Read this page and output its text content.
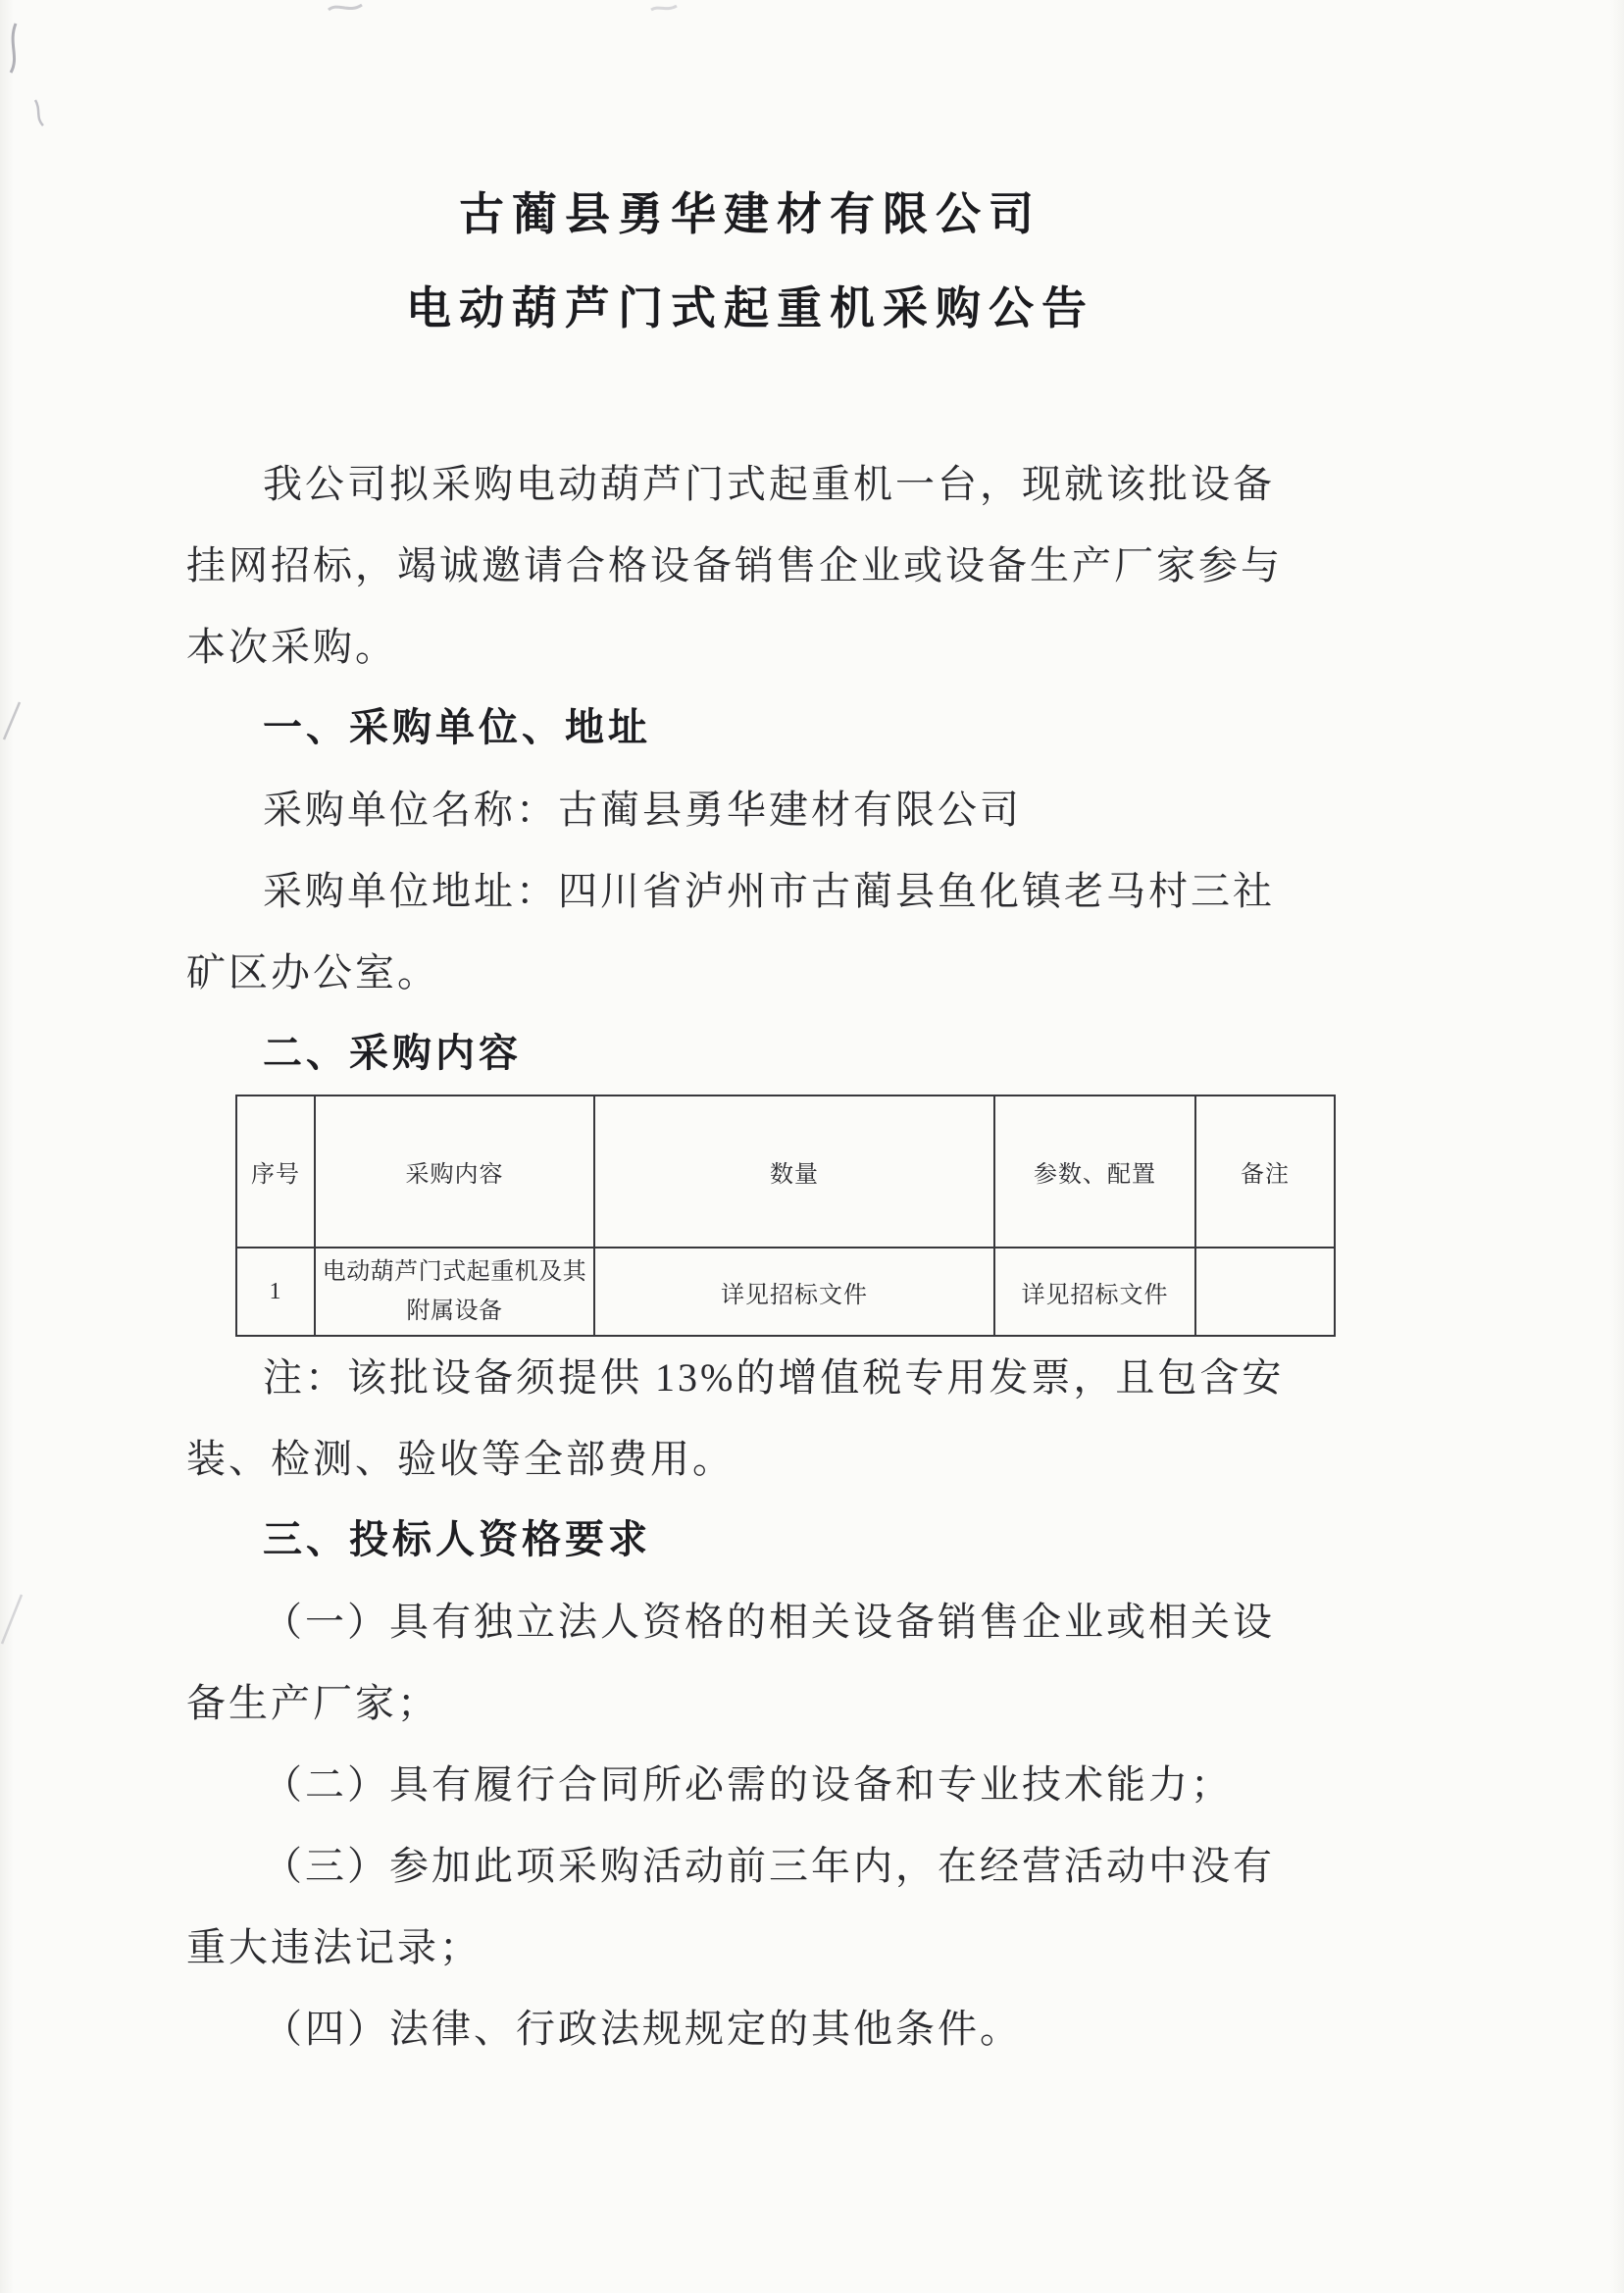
古蔺县勇华建材有限公司
电动葫芦门式起重机采购公告

我公司拟采购电动葫芦门式起重机一台，现就该批设备

挂网招标，竭诚邀请合格设备销售企业或设备生产厂家参与

本次采购。

一、采购单位、地址

采购单位名称：古蔺县勇华建材有限公司

采购单位地址：四川省泸州市古蔺县鱼化镇老马村三社

矿区办公室。

二、采购内容
序号	采购内容	数量	参数、配置	备注
1	电动葫芦门式起重机及其附属设备	详见招标文件	详见招标文件	

注：该批设备须提供 13%的增值税专用发票，且包含安

装、检测、验收等全部费用。

三、投标人资格要求

（一）具有独立法人资格的相关设备销售企业或相关设

备生产厂家；

（二）具有履行合同所必需的设备和专业技术能力；

（三）参加此项采购活动前三年内，在经营活动中没有

重大违法记录；

（四）法律、行政法规规定的其他条件。
